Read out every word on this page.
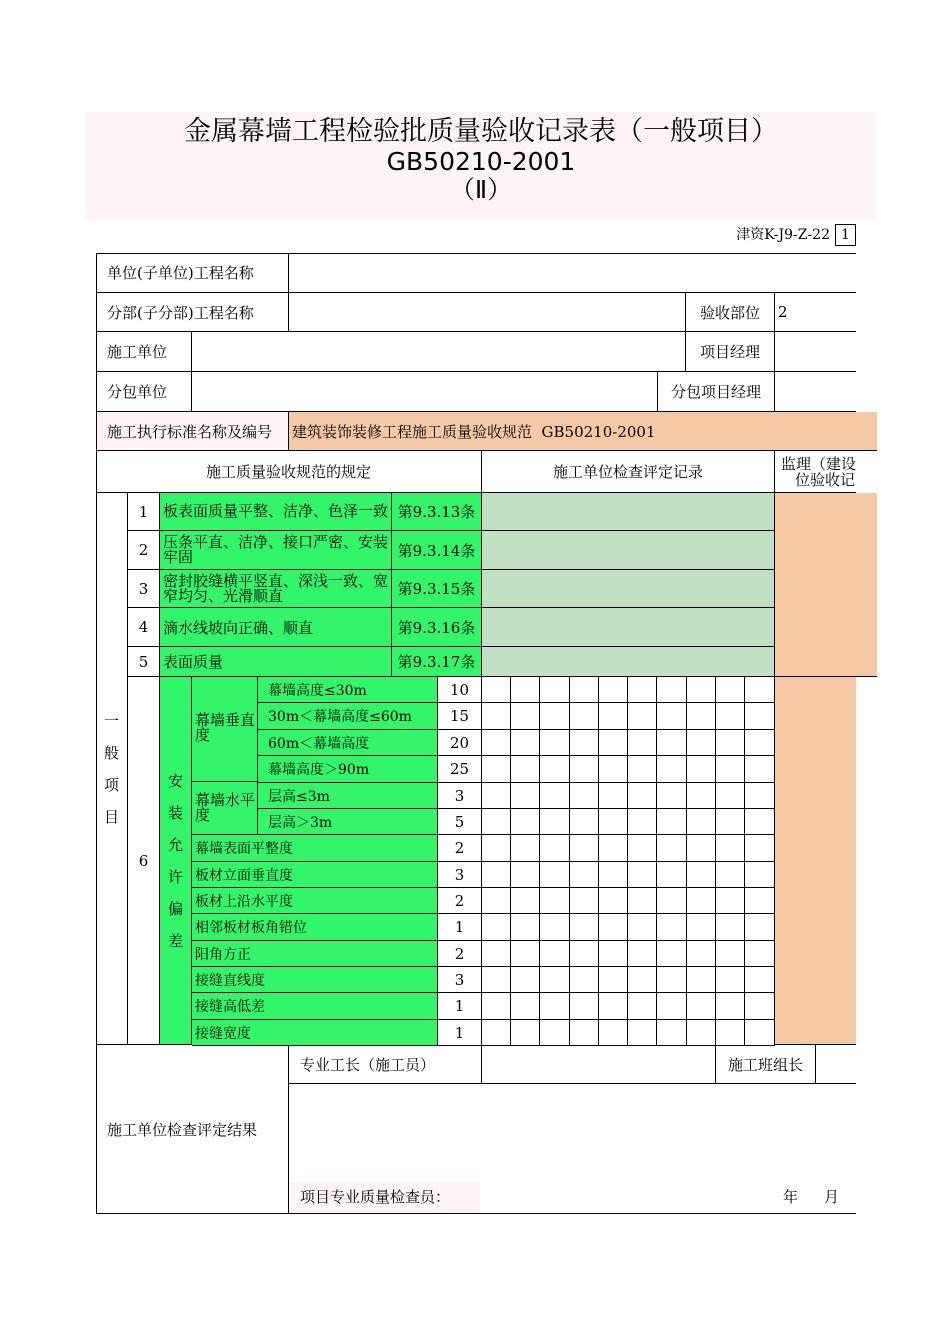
金属幕墙工程检验批质量验收记录表（一般项目）
GB50210-2001
（Ⅱ）
津资K-J9-Z-22 1
单位(子单位)工程名称
分部(子分部)工程名称	验收部位	2
施工单位	项目经理
分包单位	分包项目经理
施工执行标准名称及编号	建筑装饰装修工程施工质量验收规范  GB50210-2001
施工质量验收规范的规定	施工单位检查评定记录	监理（建设
位验收记
一般项目
1 板表面质量平整、洁净、色泽一致 第9.3.13条
2 压条平直、洁净、接口严密、安装牢固	第9.3.14条
3 密封胶缝横平竖直、深浅一致、宽窄均匀、光滑顺直	第9.3.15条
4 滴水线坡向正确、顺直	第9.3.16条
5 表面质量	第9.3.17条
6
安装允许偏差
幕墙垂直度
幕墙水平度
幕墙高度≤30m	10
30m＜幕墙高度≤60m	15
60m＜幕墙高度	20
幕墙高度＞90m	25
层高≤3m	3
层高＞3m	5
幕墙表面平整度	2
板材立面垂直度	3
板材上沿水平度	2
相邻板材板角错位	1
阳角方正	2
接缝直线度	3
接缝高低差	1
接缝宽度	1
施工单位检查评定结果
专业工长（施工员）	施工班组长
项目专业质量检查员：	年 月
